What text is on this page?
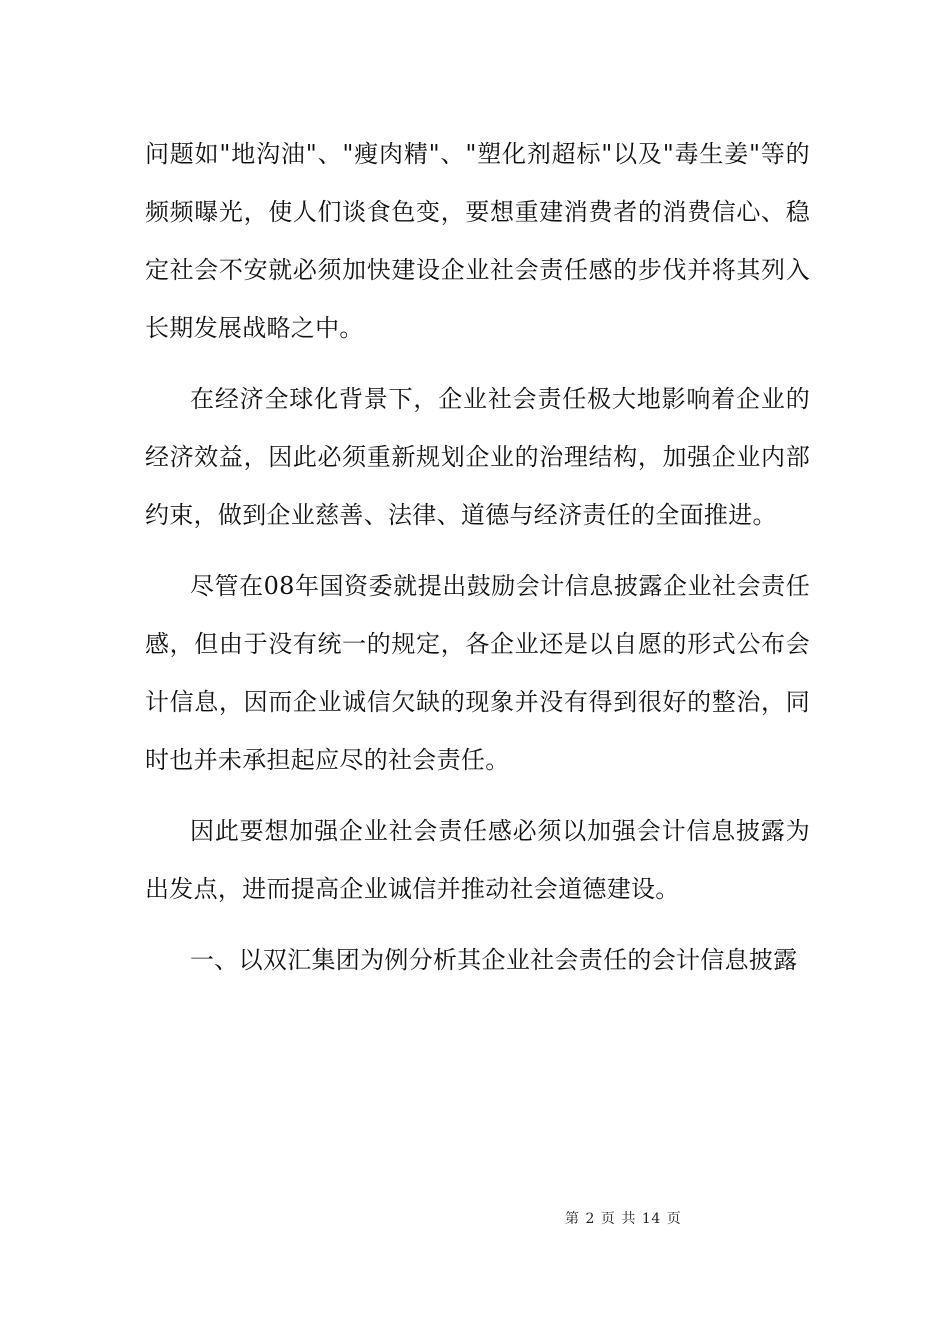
问题如"地沟油"、"瘦肉精"、"塑化剂超标"以及"毒生姜"等的频频曝光，使人们谈食色变，要想重建消费者的消费信心、稳定社会不安就必须加快建设企业社会责任感的步伐并将其列入长期发展战略之中。

在经济全球化背景下，企业社会责任极大地影响着企业的经济效益，因此必须重新规划企业的治理结构，加强企业内部约束，做到企业慈善、法律、道德与经济责任的全面推进。

尽管在08年国资委就提出鼓励会计信息披露企业社会责任感，但由于没有统一的规定，各企业还是以自愿的形式公布会计信息，因而企业诚信欠缺的现象并没有得到很好的整治，同时也并未承担起应尽的社会责任。

因此要想加强企业社会责任感必须以加强会计信息披露为出发点，进而提高企业诚信并推动社会道德建设。

一、以双汇集团为例分析其企业社会责任的会计信息披露

第 2 页 共 14 页
